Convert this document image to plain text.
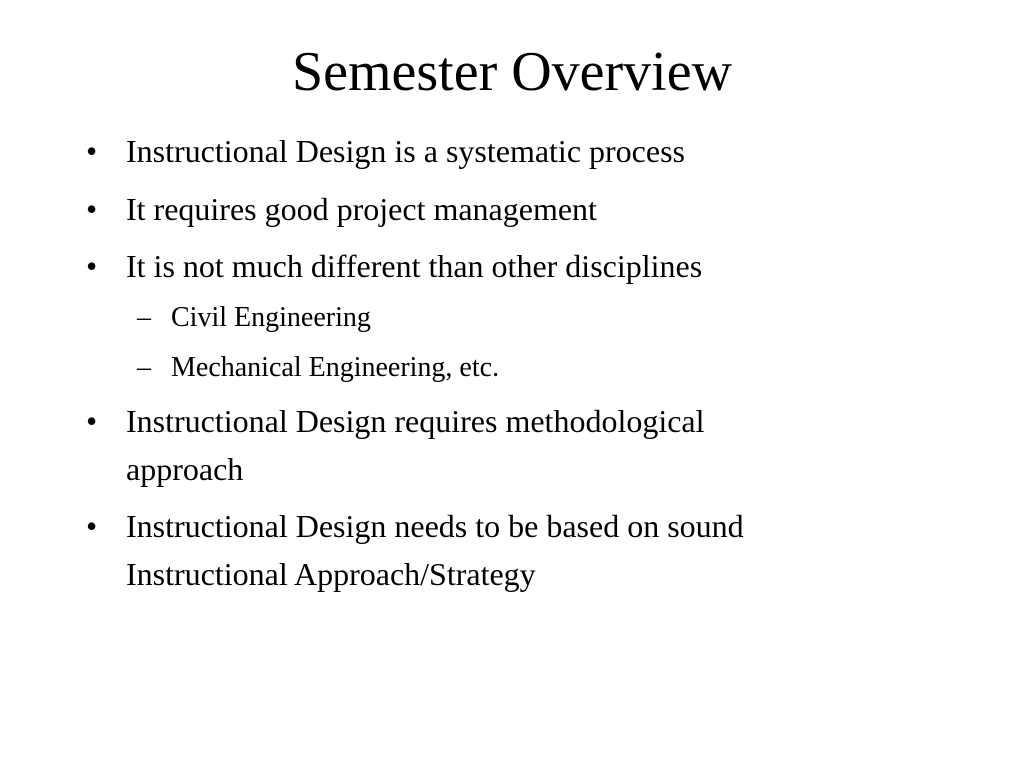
Semester Overview
• Instructional Design is a systematic process
• It requires good project management
• It is not much different than other disciplines
– Civil Engineering
– Mechanical Engineering, etc.
• Instructional Design requires methodological
approach
• Instructional Design needs to be based on sound
Instructional Approach/Strategy
